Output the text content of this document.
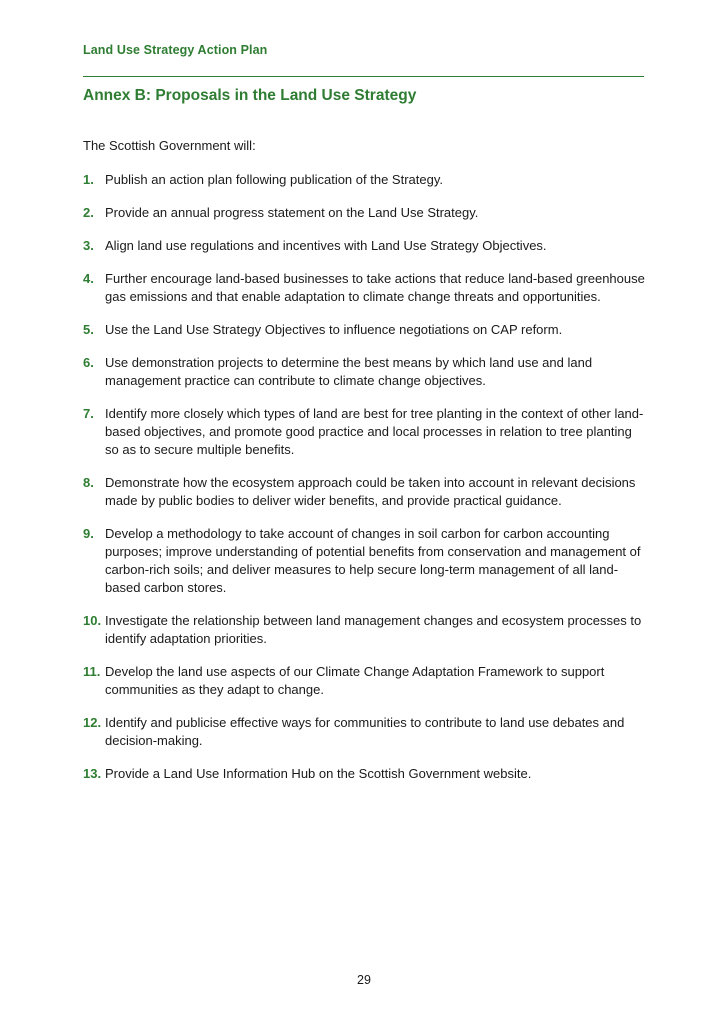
Land Use Strategy Action Plan
Annex B: Proposals in the Land Use Strategy
The Scottish Government will:
1. Publish an action plan following publication of the Strategy.
2. Provide an annual progress statement on the Land Use Strategy.
3. Align land use regulations and incentives with Land Use Strategy Objectives.
4. Further encourage land-based businesses to take actions that reduce land-based greenhouse gas emissions and that enable adaptation to climate change threats and opportunities.
5. Use the Land Use Strategy Objectives to influence negotiations on CAP reform.
6. Use demonstration projects to determine the best means by which land use and land management practice can contribute to climate change objectives.
7. Identify more closely which types of land are best for tree planting in the context of other land-based objectives, and promote good practice and local processes in relation to tree planting so as to secure multiple benefits.
8. Demonstrate how the ecosystem approach could be taken into account in relevant decisions made by public bodies to deliver wider benefits, and provide practical guidance.
9. Develop a methodology to take account of changes in soil carbon for carbon accounting purposes; improve understanding of potential benefits from conservation and management of carbon-rich soils; and deliver measures to help secure long-term management of all land-based carbon stores.
10. Investigate the relationship between land management changes and ecosystem processes to identify adaptation priorities.
11. Develop the land use aspects of our Climate Change Adaptation Framework to support communities as they adapt to change.
12. Identify and publicise effective ways for communities to contribute to land use debates and decision-making.
13. Provide a Land Use Information Hub on the Scottish Government website.
29
